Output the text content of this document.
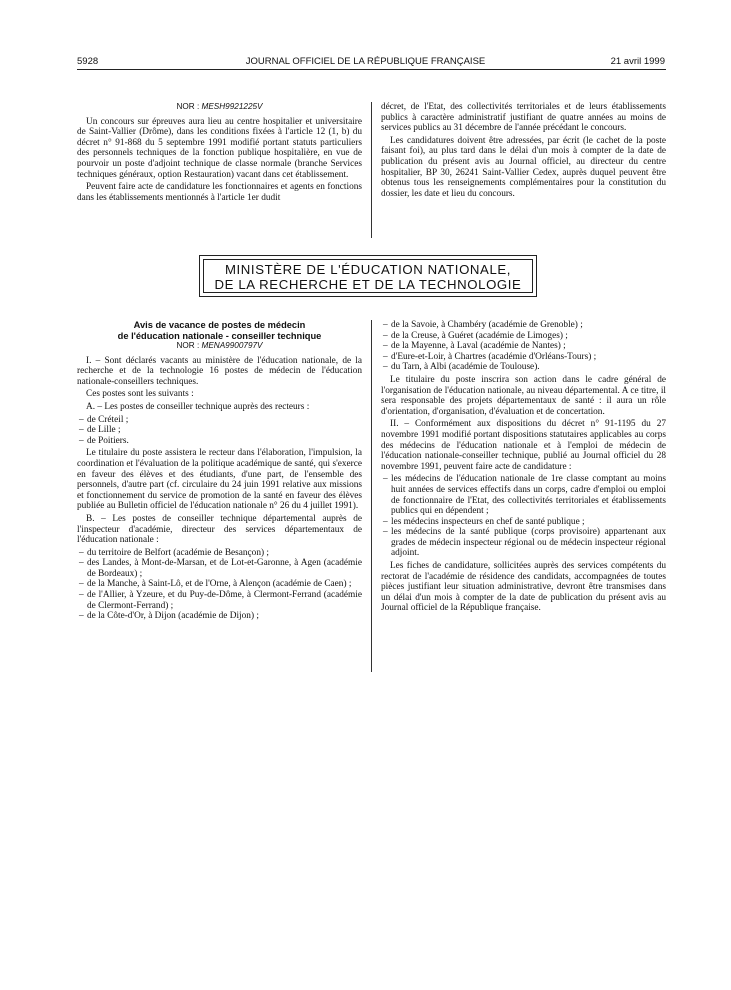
5928	JOURNAL OFFICIEL DE LA RÉPUBLIQUE FRANÇAISE	21 avril 1999
NOR : MESH9921225V

Un concours sur épreuves aura lieu au centre hospitalier et universitaire de Saint-Vallier (Drôme), dans les conditions fixées à l'article 12 (1, b) du décret n° 91-868 du 5 septembre 1991 modifié portant statuts particuliers des personnels techniques de la fonction publique hospitalière, en vue de pourvoir un poste d'adjoint technique de classe normale (branche Services techniques généraux, option Restauration) vacant dans cet établissement.

Peuvent faire acte de candidature les fonctionnaires et agents en fonctions dans les établissements mentionnés à l'article 1er dudit

décret, de l'Etat, des collectivités territoriales et de leurs établissements publics à caractère administratif justifiant de quatre années au moins de services publics au 31 décembre de l'année précédant le concours.

Les candidatures doivent être adressées, par écrit (le cachet de la poste faisant foi), au plus tard dans le délai d'un mois à compter de la date de publication du présent avis au Journal officiel, au directeur du centre hospitalier, BP 30, 26241 Saint-Vallier Cedex, auprès duquel peuvent être obtenus tous les renseignements complémentaires pour la constitution du dossier, les date et lieu du concours.

MINISTÈRE DE L'ÉDUCATION NATIONALE,
DE LA RECHERCHE ET DE LA TECHNOLOGIE
Avis de vacance de postes de médecin
de l'éducation nationale - conseiller technique
NOR : MENA9900797V

I. – Sont déclarés vacants au ministère de l'éducation nationale, de la recherche et de la technologie 16 postes de médecin de l'éducation nationale-conseillers techniques.

Ces postes sont les suivants :

A. – Les postes de conseiller technique auprès des recteurs :

– de Créteil ;
– de Lille ;
– de Poitiers.

Le titulaire du poste assistera le recteur dans l'élaboration, l'impulsion, la coordination et l'évaluation de la politique académique de santé, qui s'exerce en faveur des élèves et des étudiants, d'une part, de l'ensemble des personnels, d'autre part (cf. circulaire du 24 juin 1991 relative aux missions et fonctionnement du service de promotion de la santé en faveur des élèves publiée au Bulletin officiel de l'éducation nationale n° 26 du 4 juillet 1991).

B. – Les postes de conseiller technique départemental auprès de l'inspecteur d'académie, directeur des services départementaux de l'éducation nationale :

– du territoire de Belfort (académie de Besançon) ;
– des Landes, à Mont-de-Marsan, et de Lot-et-Garonne, à Agen (académie de Bordeaux) ;
– de la Manche, à Saint-Lô, et de l'Orne, à Alençon (académie de Caen) ;
– de l'Allier, à Yzeure, et du Puy-de-Dôme, à Clermont-Ferrand (académie de Clermont-Ferrand) ;
– de la Côte-d'Or, à Dijon (académie de Dijon) ;
– de la Savoie, à Chambéry (académie de Grenoble) ;
– de la Creuse, à Guéret (académie de Limoges) ;
– de la Mayenne, à Laval (académie de Nantes) ;
– d'Eure-et-Loir, à Chartres (académie d'Orléans-Tours) ;
– du Tarn, à Albi (académie de Toulouse).

Le titulaire du poste inscrira son action dans le cadre général de l'organisation de l'éducation nationale, au niveau départemental. A ce titre, il sera responsable des projets départementaux de santé : il aura un rôle d'orientation, d'organisation, d'évaluation et de concertation.

II. – Conformément aux dispositions du décret n° 91-1195 du 27 novembre 1991 modifié portant dispositions statutaires applicables au corps des médecins de l'éducation nationale et à l'emploi de médecin de l'éducation nationale-conseiller technique, publié au Journal officiel du 28 novembre 1991, peuvent faire acte de candidature :

– les médecins de l'éducation nationale de 1re classe comptant au moins huit années de services effectifs dans un corps, cadre d'emploi ou emploi de fonctionnaire de l'Etat, des collectivités territoriales et établissements publics qui en dépendent ;
– les médecins inspecteurs en chef de santé publique ;
– les médecins de la santé publique (corps provisoire) appartenant aux grades de médecin inspecteur régional ou de médecin inspecteur régional adjoint.

Les fiches de candidature, sollicitées auprès des services compétents du rectorat de l'académie de résidence des candidats, accompagnées de toutes pièces justifiant leur situation administrative, devront être transmises dans un délai d'un mois à compter de la date de publication du présent avis au Journal officiel de la République française.
